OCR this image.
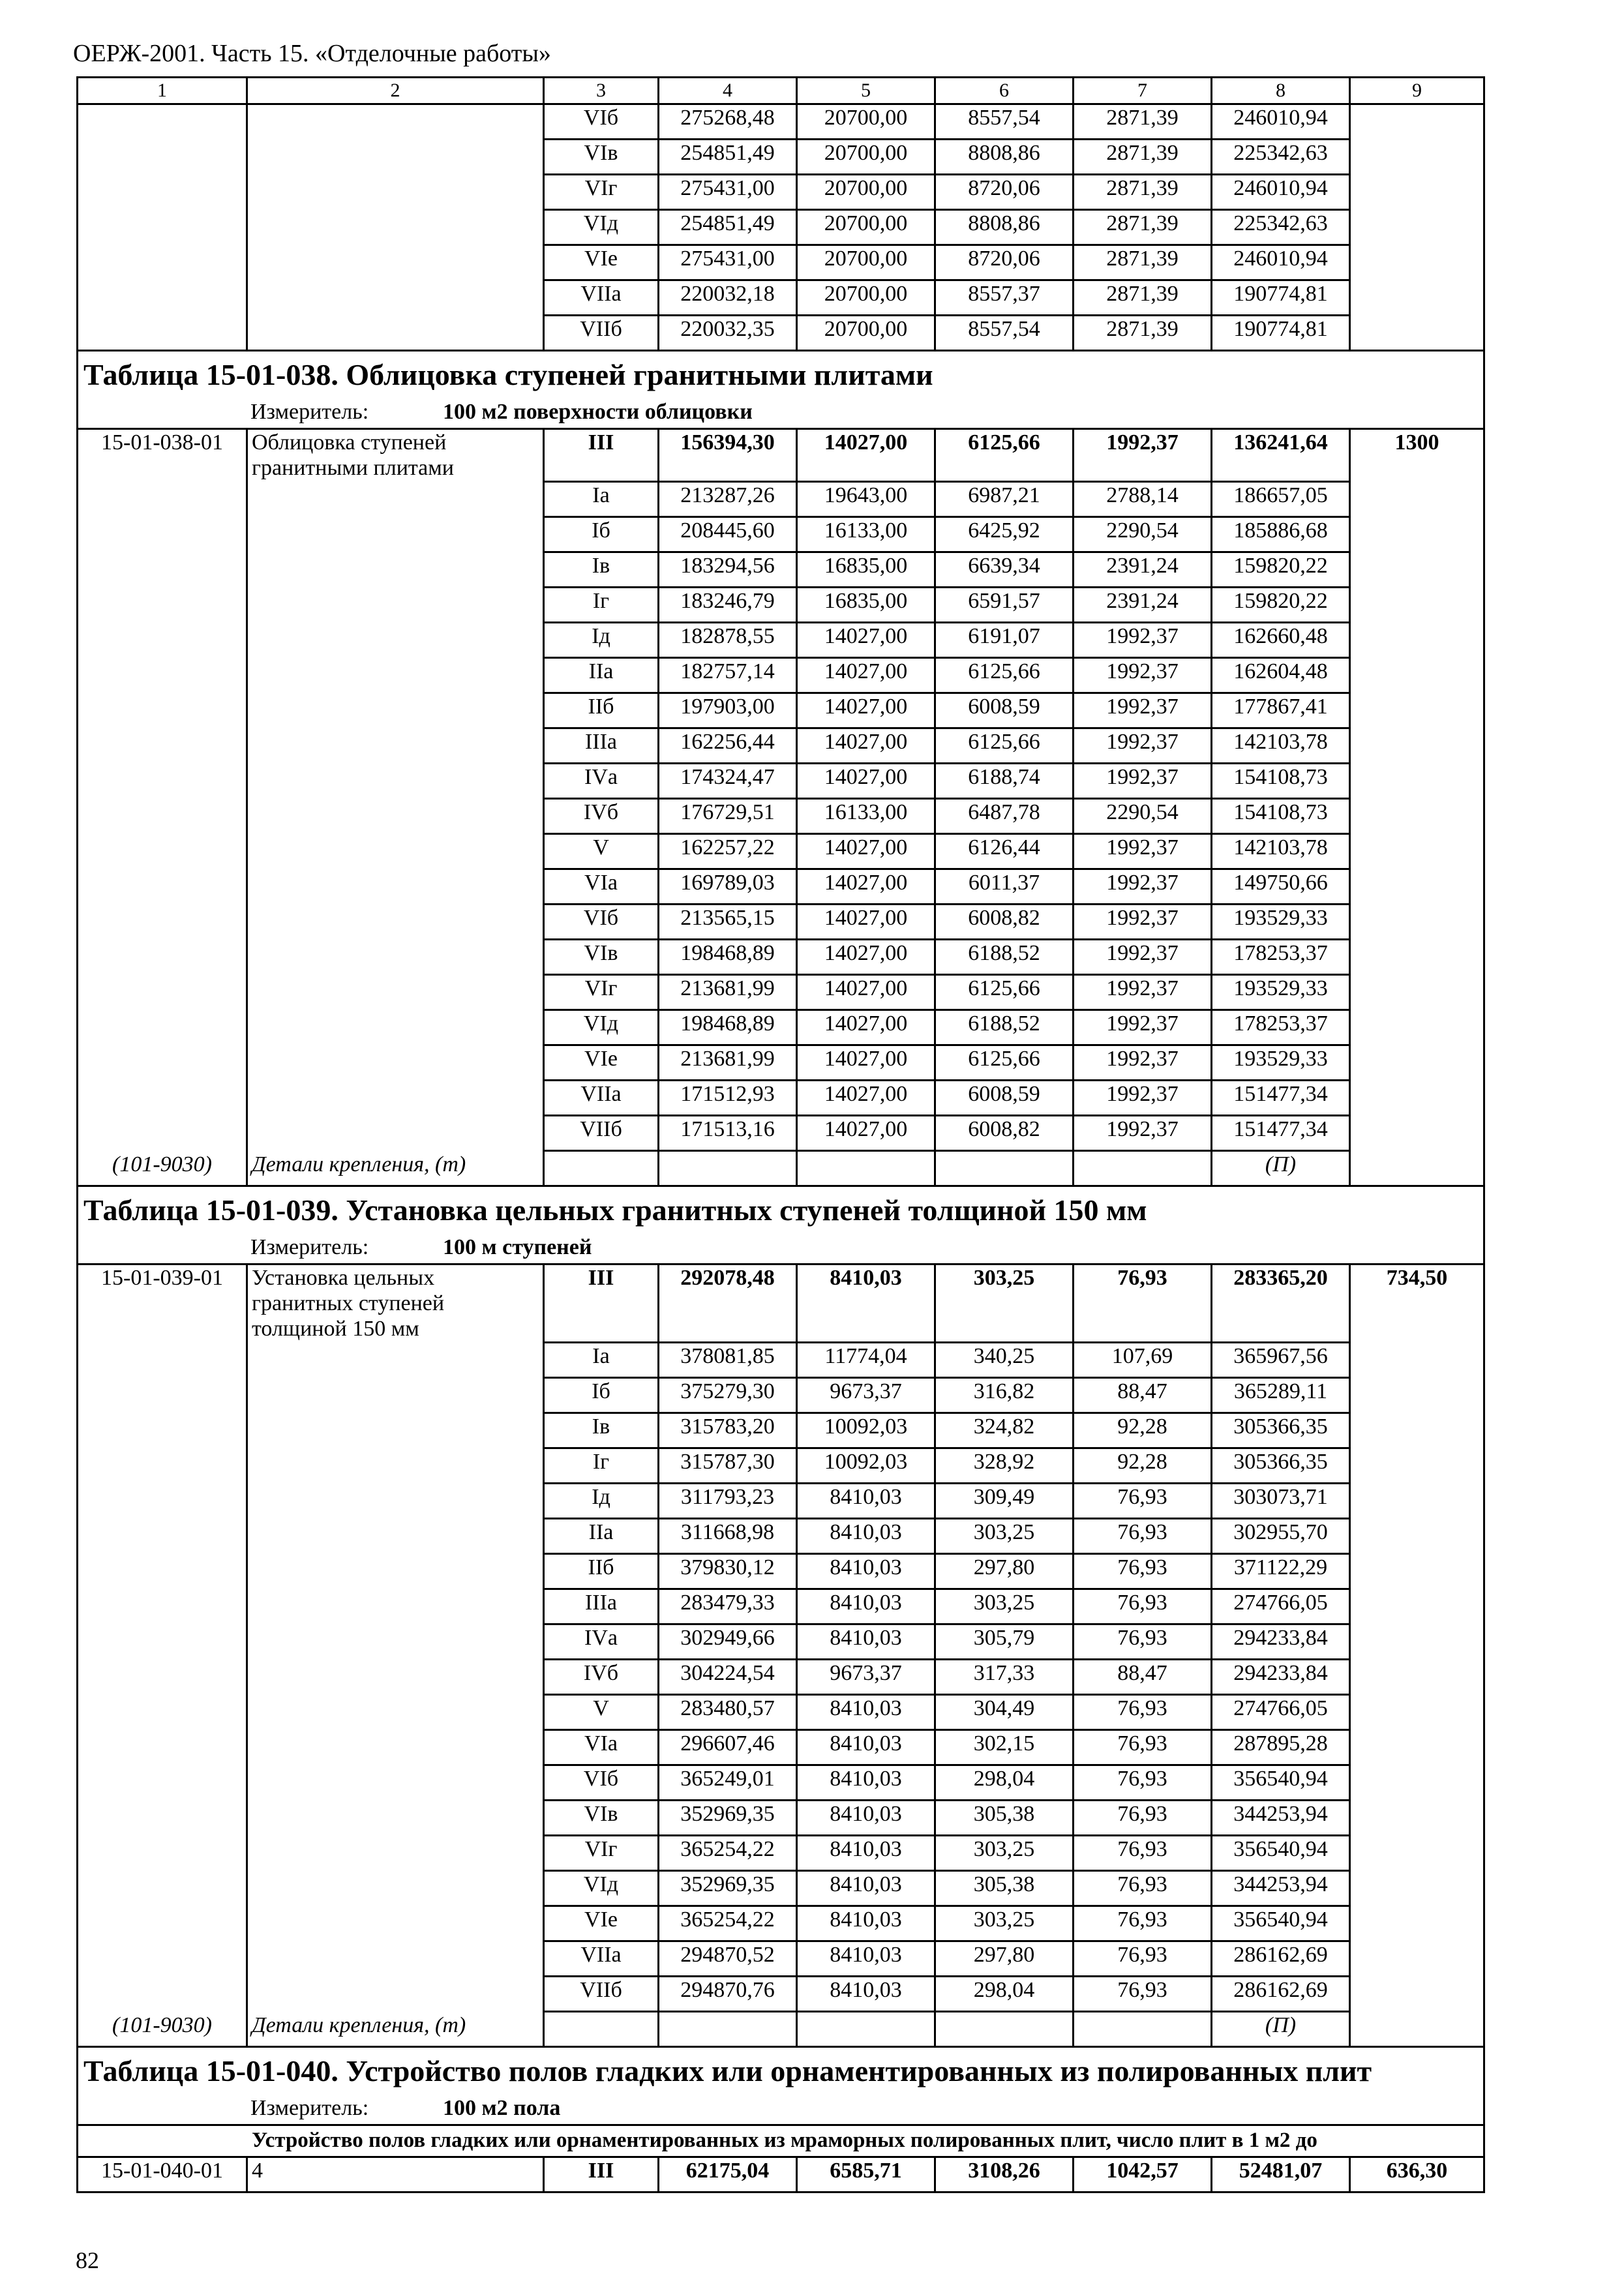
ОЕРЖ-2001. Часть 15. «Отделочные работы»
1	2	3	4	5	6	7	8	9
		VIб	275268,48	20700,00	8557,54	2871,39	246010,94	
		VIв	254851,49	20700,00	8808,86	2871,39	225342,63	
		VIг	275431,00	20700,00	8720,06	2871,39	246010,94	
		VIд	254851,49	20700,00	8808,86	2871,39	225342,63	
		VIе	275431,00	20700,00	8720,06	2871,39	246010,94	
		VIIа	220032,18	20700,00	8557,37	2871,39	190774,81	
		VIIб	220032,35	20700,00	8557,54	2871,39	190774,81	
Таблица 15-01-038. Облицовка ступеней гранитными плитами								
Измеритель: 100 м2 поверхности облицовки								
15-01-038-01	Облицовка ступеней гранитными плитами	III	156394,30	14027,00	6125,66	1992,37	136241,64	1300
		Iа	213287,26	19643,00	6987,21	2788,14	186657,05	
		Iб	208445,60	16133,00	6425,92	2290,54	185886,68	
		Iв	183294,56	16835,00	6639,34	2391,24	159820,22	
		Iг	183246,79	16835,00	6591,57	2391,24	159820,22	
		Iд	182878,55	14027,00	6191,07	1992,37	162660,48	
		IIа	182757,14	14027,00	6125,66	1992,37	162604,48	
		IIб	197903,00	14027,00	6008,59	1992,37	177867,41	
		IIIа	162256,44	14027,00	6125,66	1992,37	142103,78	
		IVа	174324,47	14027,00	6188,74	1992,37	154108,73	
		IVб	176729,51	16133,00	6487,78	2290,54	154108,73	
		V	162257,22	14027,00	6126,44	1992,37	142103,78	
		VIа	169789,03	14027,00	6011,37	1992,37	149750,66	
		VIб	213565,15	14027,00	6008,82	1992,37	193529,33	
		VIв	198468,89	14027,00	6188,52	1992,37	178253,37	
		VIг	213681,99	14027,00	6125,66	1992,37	193529,33	
		VIд	198468,89	14027,00	6188,52	1992,37	178253,37	
		VIе	213681,99	14027,00	6125,66	1992,37	193529,33	
		VIIа	171512,93	14027,00	6008,59	1992,37	151477,34	
		VIIб	171513,16	14027,00	6008,82	1992,37	151477,34	
(101-9030)	Детали крепления, (т)						(П)	
Таблица 15-01-039. Установка цельных гранитных ступеней толщиной 150 мм								
Измеритель: 100 м ступеней								
15-01-039-01	Установка цельных гранитных ступеней толщиной 150 мм	III	292078,48	8410,03	303,25	76,93	283365,20	734,50
		Iа	378081,85	11774,04	340,25	107,69	365967,56	
		Iб	375279,30	9673,37	316,82	88,47	365289,11	
		Iв	315783,20	10092,03	324,82	92,28	305366,35	
		Iг	315787,30	10092,03	328,92	92,28	305366,35	
		Iд	311793,23	8410,03	309,49	76,93	303073,71	
		IIа	311668,98	8410,03	303,25	76,93	302955,70	
		IIб	379830,12	8410,03	297,80	76,93	371122,29	
		IIIа	283479,33	8410,03	303,25	76,93	274766,05	
		IVа	302949,66	8410,03	305,79	76,93	294233,84	
		IVб	304224,54	9673,37	317,33	88,47	294233,84	
		V	283480,57	8410,03	304,49	76,93	274766,05	
		VIа	296607,46	8410,03	302,15	76,93	287895,28	
		VIб	365249,01	8410,03	298,04	76,93	356540,94	
		VIв	352969,35	8410,03	305,38	76,93	344253,94	
		VIг	365254,22	8410,03	303,25	76,93	356540,94	
		VIд	352969,35	8410,03	305,38	76,93	344253,94	
		VIе	365254,22	8410,03	303,25	76,93	356540,94	
		VIIа	294870,52	8410,03	297,80	76,93	286162,69	
		VIIб	294870,76	8410,03	298,04	76,93	286162,69	
(101-9030)	Детали крепления, (т)						(П)	
Таблица 15-01-040. Устройство полов гладких или орнаментированных из полированных плит								
Измеритель: 100 м2 пола								
	Устройство полов гладких или орнаментированных из мраморных полированных плит, число плит в 1 м2 до							
15-01-040-01	4	III	62175,04	6585,71	3108,26	1042,57	52481,07	636,30
82
